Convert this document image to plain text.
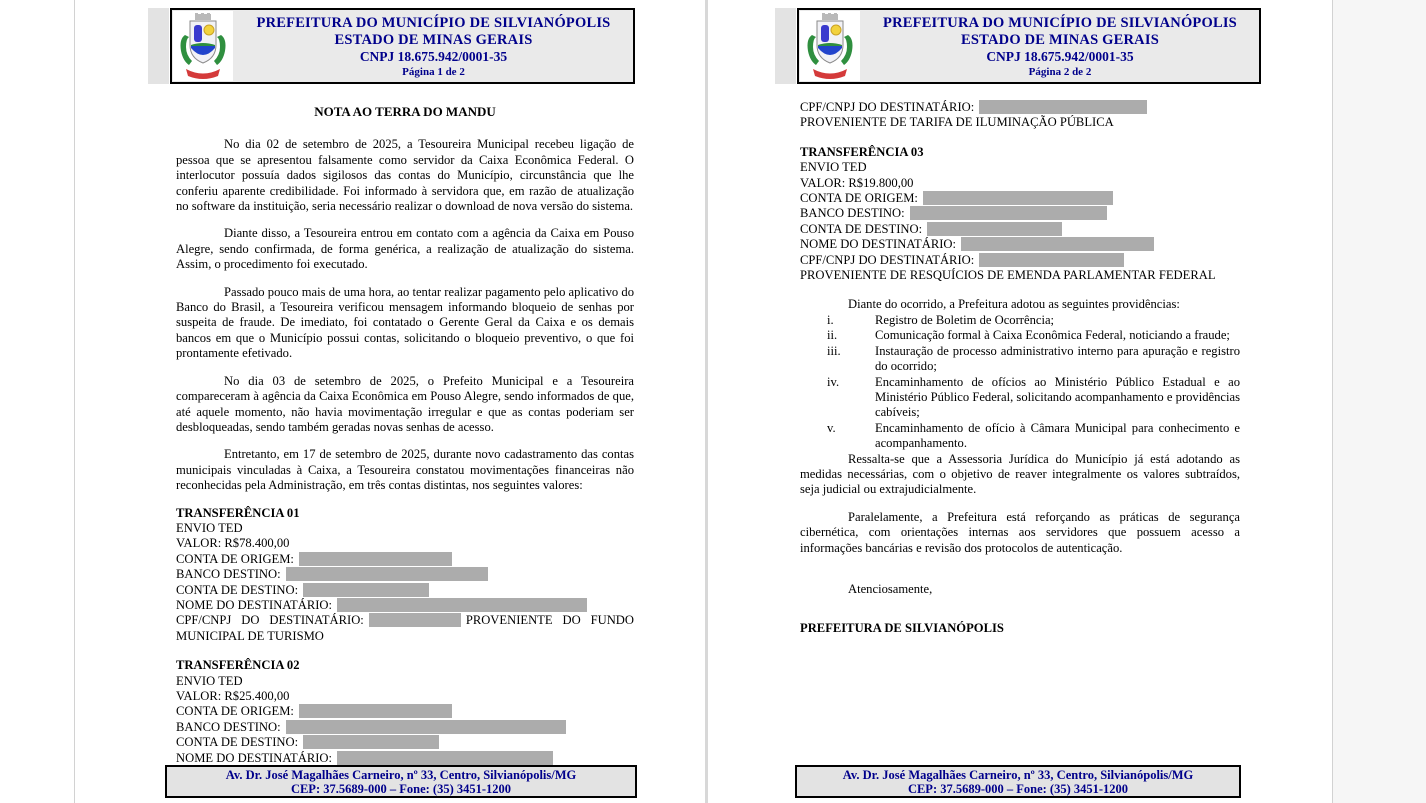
PREFEITURA DO MUNICÍPIO DE SILVIANÓPOLIS
ESTADO DE MINAS GERAIS
CNPJ 18.675.942/0001-35
Página 1 de 2
NOTA AO TERRA DO MANDU

No dia 02 de setembro de 2025, a Tesoureira Municipal recebeu ligação de pessoa que se apresentou falsamente como servidor da Caixa Econômica Federal. O interlocutor possuía dados sigilosos das contas do Município, circunstância que lhe conferiu aparente credibilidade. Foi informado à servidora que, em razão de atualização no software da instituição, seria necessário realizar o download de nova versão do sistema.

Diante disso, a Tesoureira entrou em contato com a agência da Caixa em Pouso Alegre, sendo confirmada, de forma genérica, a realização de atualização do sistema. Assim, o procedimento foi executado.

Passado pouco mais de uma hora, ao tentar realizar pagamento pelo aplicativo do Banco do Brasil, a Tesoureira verificou mensagem informando bloqueio de senhas por suspeita de fraude. De imediato, foi contatado o Gerente Geral da Caixa e os demais bancos em que o Município possui contas, solicitando o bloqueio preventivo, o que foi prontamente efetivado.

No dia 03 de setembro de 2025, o Prefeito Municipal e a Tesoureira compareceram à agência da Caixa Econômica em Pouso Alegre, sendo informados de que, até aquele momento, não havia movimentação irregular e que as contas poderiam ser desbloqueadas, sendo também geradas novas senhas de acesso.

Entretanto, em 17 de setembro de 2025, durante novo cadastramento das contas municipais vinculadas à Caixa, a Tesoureira constatou movimentações financeiras não reconhecidas pela Administração, em três contas distintas, nos seguintes valores:

TRANSFERÊNCIA 01
ENVIO TED
VALOR: R$78.400,00
CONTA DE ORIGEM:
BANCO DESTINO:
CONTA DE DESTINO:
NOME DO DESTINATÁRIO:
CPF/CNPJ DO DESTINATÁRIO:	PROVENIENTE DO FUNDO MUNICIPAL DE TURISMO
TRANSFERÊNCIA 02
ENVIO TED
VALOR: R$25.400,00
CONTA DE ORIGEM:
BANCO DESTINO:
CONTA DE DESTINO:
NOME DO DESTINATÁRIO:
Av. Dr. José Magalhães Carneiro, nº 33, Centro, Silvianópolis/MG
CEP: 37.5689-000 – Fone: (35) 3451-1200
PREFEITURA DO MUNICÍPIO DE SILVIANÓPOLIS
ESTADO DE MINAS GERAIS
CNPJ 18.675.942/0001-35
Página 2 de 2
CPF/CNPJ DO DESTINATÁRIO:
PROVENIENTE DE TARIFA DE ILUMINAÇÃO PÚBLICA
TRANSFERÊNCIA 03
ENVIO TED
VALOR: R$19.800,00
CONTA DE ORIGEM:
BANCO DESTINO:
CONTA DE DESTINO:
NOME DO DESTINATÁRIO:
CPF/CNPJ DO DESTINATÁRIO:
PROVENIENTE DE RESQUÍCIOS DE EMENDA PARLAMENTAR FEDERAL

Diante do ocorrido, a Prefeitura adotou as seguintes providências:

i.	Registro de Boletim de Ocorrência;
ii.	Comunicação formal à Caixa Econômica Federal, noticiando a fraude;
iii.	Instauração de processo administrativo interno para apuração e registro do ocorrido;
iv.	Encaminhamento de ofícios ao Ministério Público Estadual e ao Ministério Público Federal, solicitando acompanhamento e providências cabíveis;
v.	Encaminhamento de ofício à Câmara Municipal para conhecimento e acompanhamento.

Ressalta-se que a Assessoria Jurídica do Município já está adotando as medidas necessárias, com o objetivo de reaver integralmente os valores subtraídos, seja judicial ou extrajudicialmente.

Paralelamente, a Prefeitura está reforçando as práticas de segurança cibernética, com orientações internas aos servidores que possuem acesso a informações bancárias e revisão dos protocolos de autenticação.

Atenciosamente,

PREFEITURA DE SILVIANÓPOLIS
Av. Dr. José Magalhães Carneiro, nº 33, Centro, Silvianópolis/MG
CEP: 37.5689-000 – Fone: (35) 3451-1200
